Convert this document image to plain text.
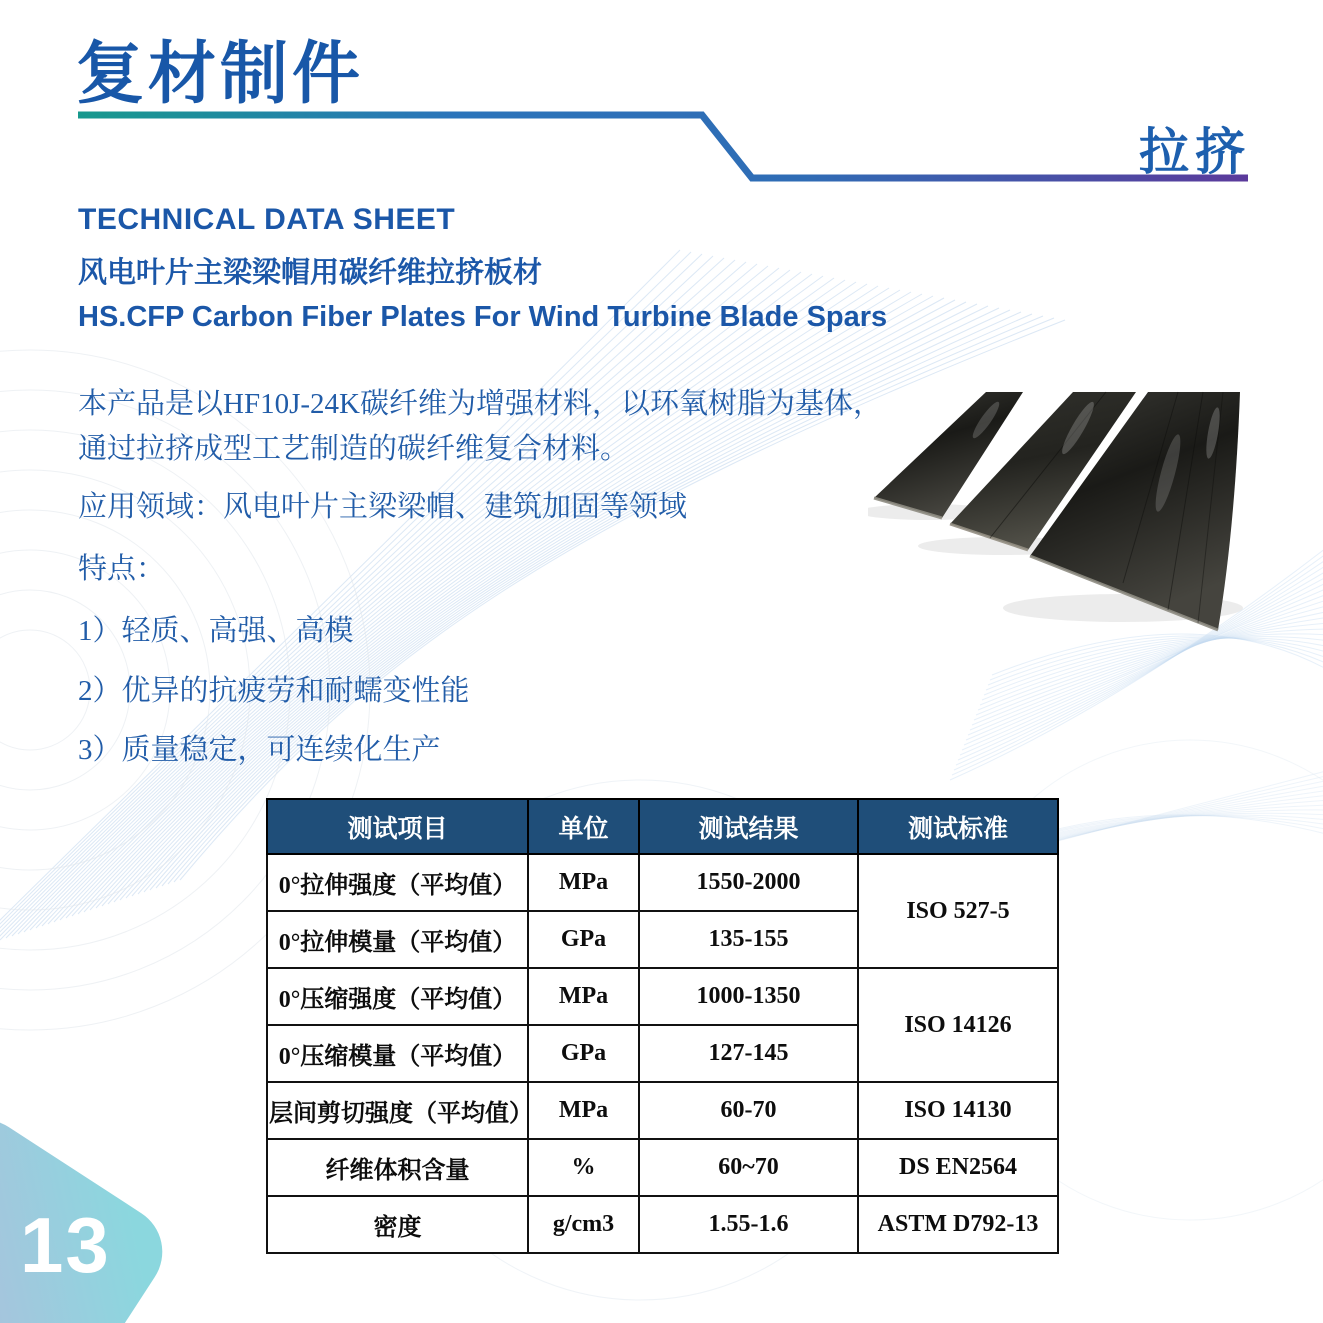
复材制件
拉挤
TECHNICAL DATA SHEET
风电叶片主梁梁帽用碳纤维拉挤板材
HS.CFP Carbon Fiber Plates For Wind Turbine Blade Spars
本产品是以HF10J-24K碳纤维为增强材料，以环氧树脂为基体，
通过拉挤成型工艺制造的碳纤维复合材料。
应用领域：风电叶片主梁梁帽、建筑加固等领域
特点：
1）轻质、高强、高模
2）优异的抗疲劳和耐蠕变性能
3）质量稳定，可连续化生产
测试项目	单位	测试结果	测试标准
0°拉伸强度（平均值）	MPa	1550-2000	ISO 527-5
0°拉伸模量（平均值）	GPa	135-155	
0°压缩强度（平均值）	MPa	1000-1350	ISO 14126
0°压缩模量（平均值）	GPa	127-145	
层间剪切强度（平均值）	MPa	60-70	ISO 14130
纤维体积含量	%	60~70	DS EN2564
密度	g/cm3	1.55-1.6	ASTM D792-13
13
